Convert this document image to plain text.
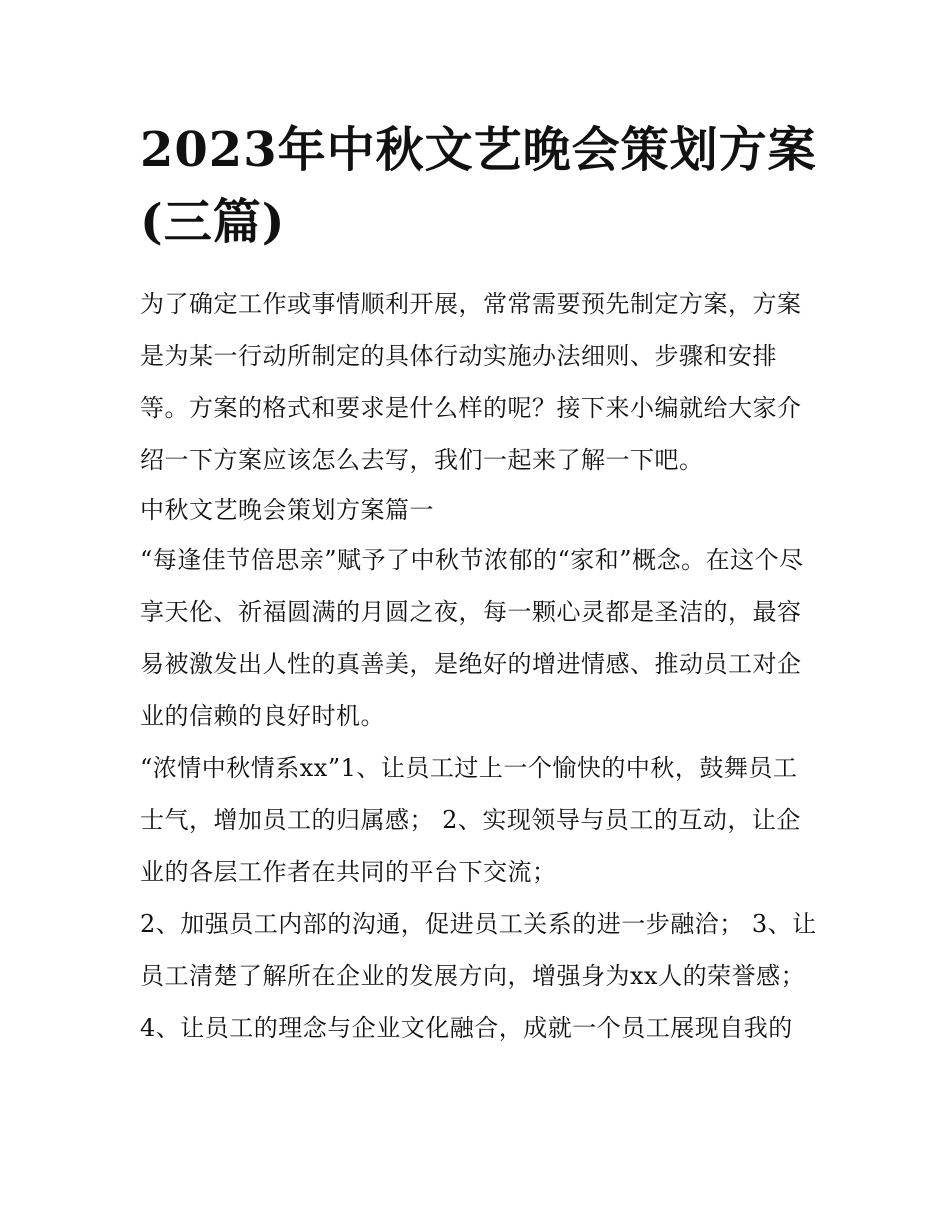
2023年中秋文艺晚会策划方案(三篇)

为了确定工作或事情顺利开展，常常需要预先制定方案，方案是为某一行动所制定的具体行动实施办法细则、步骤和安排等。方案的格式和要求是什么样的呢？接下来小编就给大家介绍一下方案应该怎么去写，我们一起来了解一下吧。

中秋文艺晚会策划方案篇一

“每逢佳节倍思亲”赋予了中秋节浓郁的“家和”概念。在这个尽享天伦、祈福圆满的月圆之夜，每一颗心灵都是圣洁的，最容易被激发出人性的真善美，是绝好的增进情感、推动员工对企业的信赖的良好时机。

“浓情中秋情系xx”1、让员工过上一个愉快的中秋，鼓舞员工士气，增加员工的归属感； 2、实现领导与员工的互动，让企业的各层工作者在共同的平台下交流；

2、加强员工内部的沟通，促进员工关系的进一步融洽； 3、让员工清楚了解所在企业的发展方向，增强身为xx人的荣誉感；

4、让员工的理念与企业文化融合，成就一个员工展现自我的
